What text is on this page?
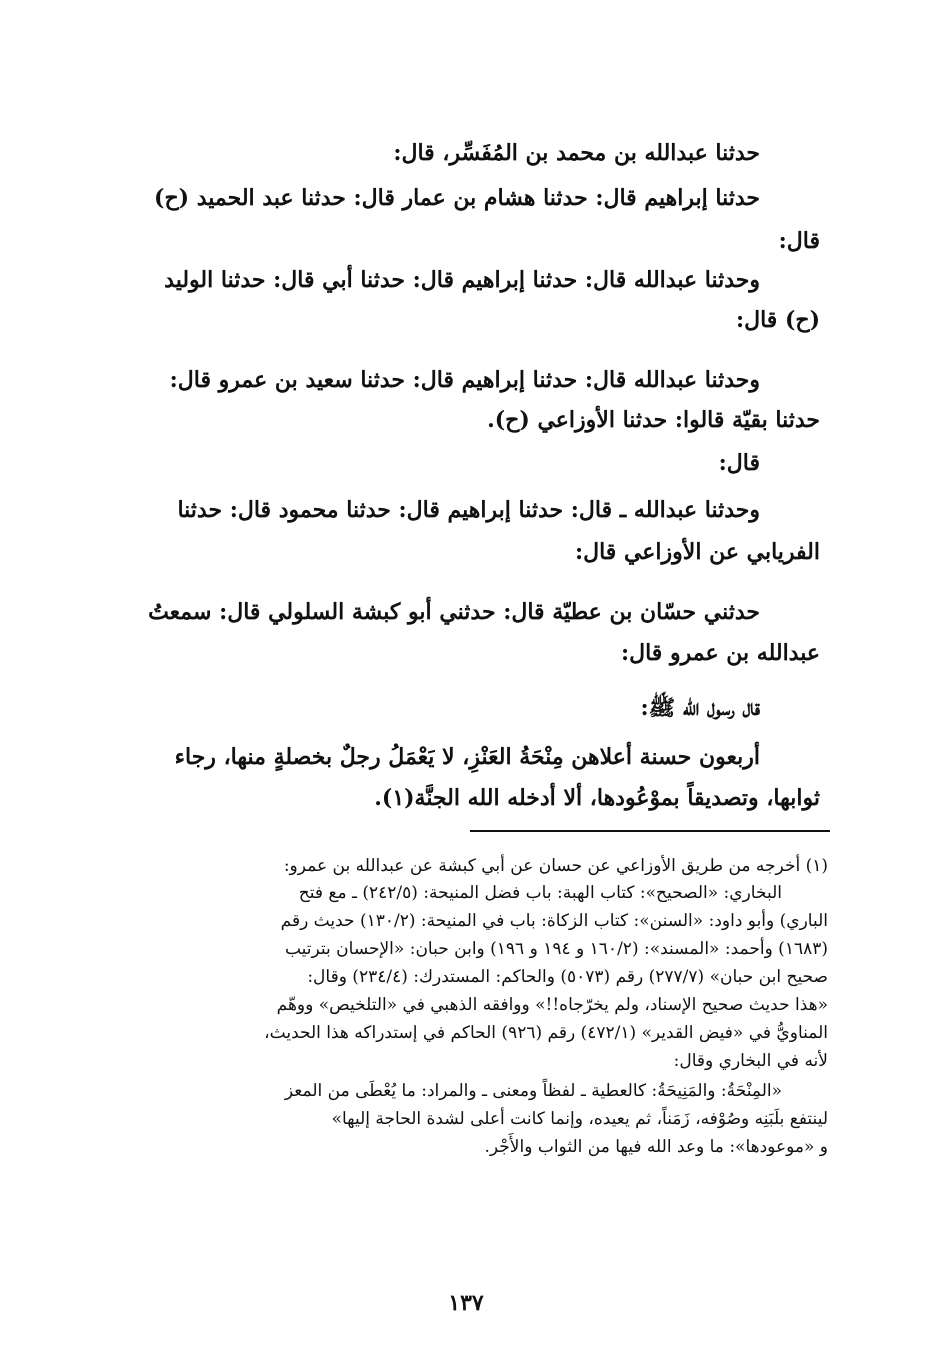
حدثنا عبدالله بن محمد بن المُفَسِّر، قال:
حدثنا إبراهيم قال: حدثنا هشام بن عمار قال: حدثنا عبد الحميد (ح)
قال:
وحدثنا عبدالله قال: حدثنا إبراهيم قال: حدثنا أبي قال: حدثنا الوليد
(ح) قال:
وحدثنا عبدالله قال: حدثنا إبراهيم قال: حدثنا سعيد بن عمرو قال:
حدثنا بقيّة قالوا: حدثنا الأوزاعي (ح).
قال:
وحدثنا عبدالله ـ قال: حدثنا إبراهيم قال: حدثنا محمود قال: حدثنا
الفريابي عن الأوزاعي قال:
حدثني حسّان بن عطيّة قال: حدثني أبو كبشة السلولي قال: سمعتُ
عبدالله بن عمرو قال:
قال رسول الله ﷺ:
أربعون حسنة أعلاهن مِنْحَةُ العَنْزِ، لا يَعْمَلُ رجلٌ بخصلةٍ منها، رجاء
ثوابها، وتصديقاً بموْعُودها، ألا أدخله الله الجنَّة(١).
(١) أخرجه من طريق الأوزاعي عن حسان عن أبي كبشة عن عبدالله بن عمرو:
البخاري: «الصحيح»: كتاب الهبة: باب فضل المنيحة: (٢٤٢/٥) ـ مع فتح
الباري) وأبو داود: «السنن»: كتاب الزكاة: باب في المنيحة: (١٣٠/٢) حديث رقم
(١٦٨٣) وأحمد: «المسند»: (١٦٠/٢ و ١٩٤ و ١٩٦) وابن حبان: «الإحسان بترتيب
صحيح ابن حبان» (٢٧٧/٧) رقم (٥٠٧٣) والحاكم: المستدرك: (٢٣٤/٤) وقال:
«هذا حديث صحيح الإسناد، ولم يخرّجاه!!» ووافقه الذهبي في «التلخيص» ووهّم
المناويُّ في «فيض القدير» (٤٧٢/١) رقم (٩٢٦) الحاكم في إستدراكه هذا الحديث،
لأنه في البخاري وقال:
«المِنْحَةُ: والمَنِيحَةُ: كالعطية ـ لفظاً ومعنى ـ والمراد: ما يُعْطَى من المعز
لينتفع بلَبَنِه وصُوْفه، زَمَناً، ثم يعيده، وإنما كانت أعلى لشدة الحاجة إليها»
و «موعودها»: ما وعد الله فيها من الثواب والأَجْر.
١٣٧
